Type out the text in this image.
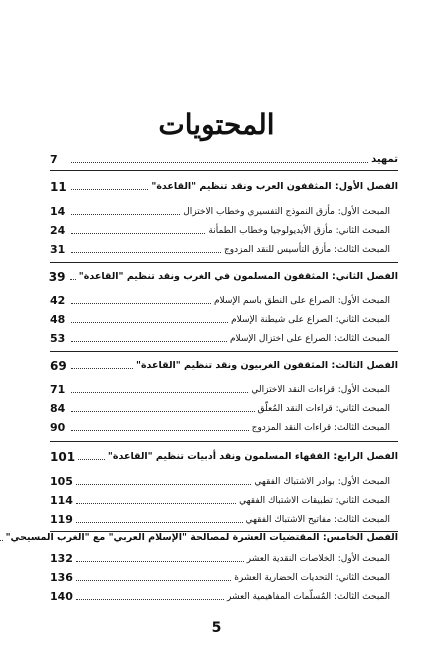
المحتويات
تمهيد
7
الفصل الأول: المثقفون العرب ونقد تنظيم "القاعدة"
11
المبحث الأول: مأزق النموذج التفسيري وخطاب الاختزال
14
المبحث الثاني: مأزق الأيديولوجيا وخطاب الطمأنة
24
المبحث الثالث: مأزق التأسيس للنقد المزدوج
31
الفصل الثاني: المثقفون المسلمون في الغرب ونقد تنظيم "القاعدة"
39
المبحث الأول: الصراع على النطق باسم الإسلام
42
المبحث الثاني: الصراع على شيطنة الإسلام
48
المبحث الثالث: الصراع على اختزال الإسلام
53
الفصل الثالث: المثقفون الغربيون ونقد تنظيم "القاعدة"
69
المبحث الأول: قراءات النقد الاختزالي
71
المبحث الثاني: قراءات النقد المُعلّق
84
المبحث الثالث: قراءات النقد المزدوج
90
الفصل الرابع: الفقهاء المسلمون ونقد أدبيات تنظيم "القاعدة"
101
المبحث الأول: بوادر الاشتباك الفقهي
105
المبحث الثاني: تطبيقات الاشتباك الفقهي
114
المبحث الثالث: مفاتيح الاشتباك الفقهي
119
الفصل الخامس: المقتضيات العشرة لمصالحة "الإسلام العربي" مع "الغرب المسيحي"
المبحث الأول: الخلاصات النقدية العشر
132
المبحث الثاني: التحديات الحضارية العشرة
136
المبحث الثالث: المُسلّمات المفاهيمية العشر
140
5
